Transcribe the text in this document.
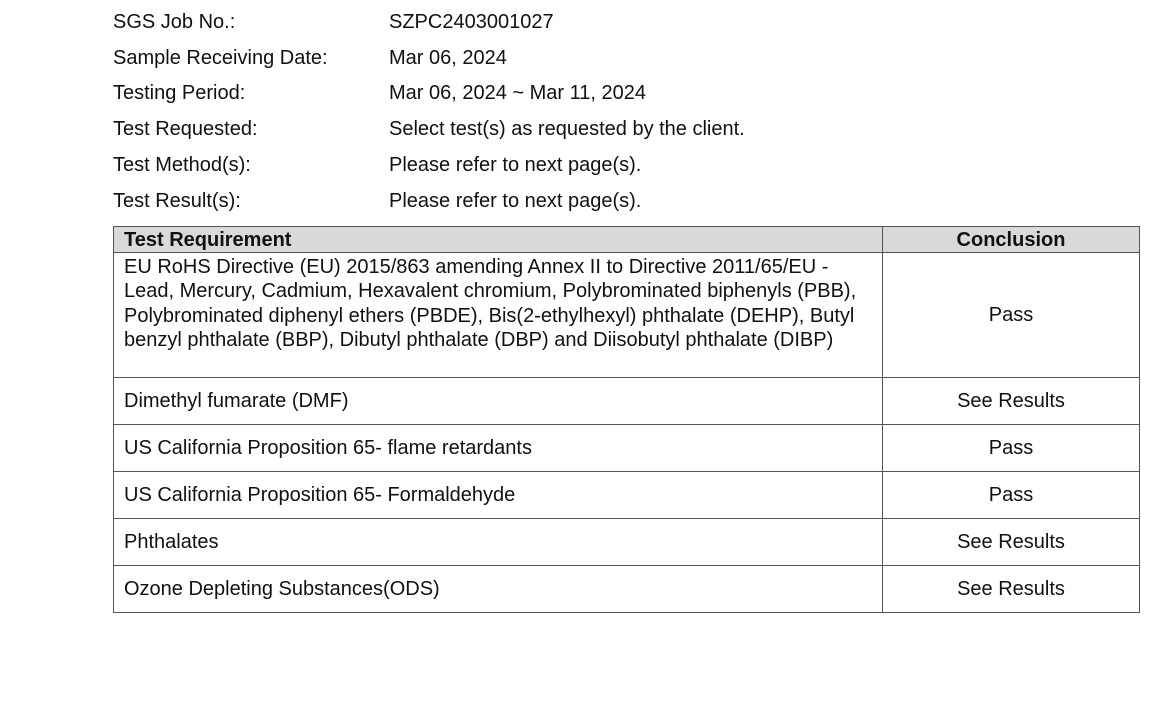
SGS Job No.:	SZPC2403001027
Sample Receiving Date:	Mar 06, 2024
Testing Period:	Mar 06, 2024 ~ Mar 11, 2024
Test Requested:	Select test(s) as requested by the client.
Test Method(s):	Please refer to next page(s).
Test Result(s):	Please refer to next page(s).
Test Requirement	Conclusion
EU RoHS Directive (EU) 2015/863 amending Annex II to Directive 2011/65/EU - Lead, Mercury, Cadmium, Hexavalent chromium, Polybrominated biphenyls (PBB), Polybrominated diphenyl ethers (PBDE), Bis(2-ethylhexyl) phthalate (DEHP), Butyl benzyl phthalate (BBP), Dibutyl phthalate (DBP) and Diisobutyl phthalate (DIBP)	Pass
Dimethyl fumarate (DMF)	See Results
US California Proposition 65- flame retardants	Pass
US California Proposition 65- Formaldehyde	Pass
Phthalates	See Results
Ozone Depleting Substances(ODS)	See Results
